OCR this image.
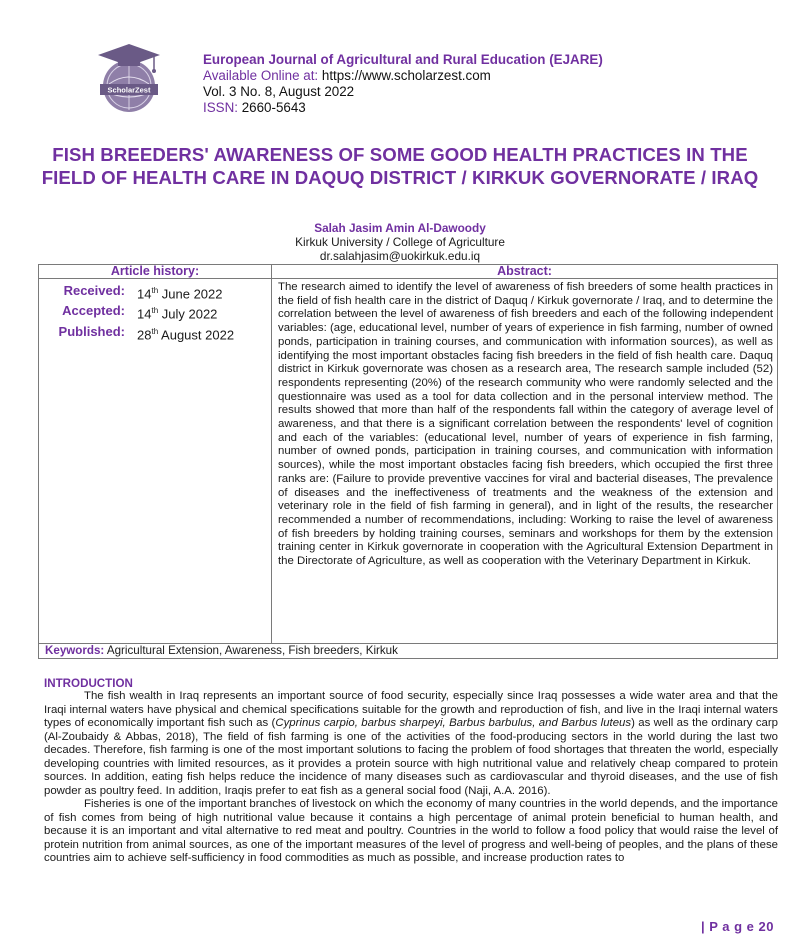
ScholarZest
European Journal of Agricultural and Rural Education (EJARE)
Available Online at: https://www.scholarzest.com
Vol. 3 No. 8, August 2022
ISSN: 2660-5643
FISH BREEDERS' AWARENESS OF SOME GOOD HEALTH PRACTICES IN THE FIELD OF HEALTH CARE IN DAQUQ DISTRICT / KIRKUK GOVERNORATE / IRAQ
Salah Jasim Amin Al-Dawoody
Kirkuk University / College of Agriculture
dr.salahjasim@uokirkuk.edu.iq
Article history:	Abstract:

Received:	14th June 2022
Accepted:	14th July 2022
Published:	28th August 2022
	The research aimed to identify the level of awareness of fish breeders of some health practices in the field of fish health care in the district of Daquq / Kirkuk governorate / Iraq, and to determine the correlation between the level of awareness of fish breeders and each of the following independent variables: (age, educational level, number of years of experience in fish farming, number of owned ponds, participation in training courses, and communication with information sources), as well as identifying the most important obstacles facing fish breeders in the field of fish health care. Daquq district in Kirkuk governorate was chosen as a research area, The research sample included (52) respondents representing (20%) of the research community who were randomly selected and the questionnaire was used as a tool for data collection and in the personal interview method. The results showed that more than half of the respondents fall within the category of average level of awareness, and that there is a significant correlation between the respondents' level of cognition and each of the variables: (educational level, number of years of experience in fish farming, number of owned ponds, participation in training courses, and communication with information sources), while the most important obstacles facing fish breeders, which occupied the first three ranks are: (Failure to provide preventive vaccines for viral and bacterial diseases, The prevalence of diseases and the ineffectiveness of treatments and the weakness of the extension and veterinary role in the field of fish farming in general), and in light of the results, the researcher recommended a number of recommendations, including: Working to raise the level of awareness of fish breeders by holding training courses, seminars and workshops for them by the extension training center in Kirkuk governorate in cooperation with the Agricultural Extension Department in the Directorate of Agriculture, as well as cooperation with the Veterinary Department in Kirkuk.
Keywords: Agricultural Extension, Awareness, Fish breeders, Kirkuk
INTRODUCTION

The fish wealth in Iraq represents an important source of food security, especially since Iraq possesses a wide water area and that the Iraqi internal waters have physical and chemical specifications suitable for the growth and reproduction of fish, and live in the Iraqi internal waters types of economically important fish such as (Cyprinus carpio, barbus sharpeyi, Barbus barbulus, and Barbus luteus) as well as the ordinary carp (Al-Zoubaidy & Abbas, 2018), The field of fish farming is one of the activities of the food-producing sectors in the world during the last two decades. Therefore, fish farming is one of the most important solutions to facing the problem of food shortages that threaten the world, especially developing countries with limited resources, as it provides a protein source with high nutritional value and relatively cheap compared to protein sources. In addition, eating fish helps reduce the incidence of many diseases such as cardiovascular and thyroid diseases, and the use of fish powder as poultry feed. In addition, Iraqis prefer to eat fish as a general social food (Naji, A.A. 2016).

Fisheries is one of the important branches of livestock on which the economy of many countries in the world depends, and the importance of fish comes from being of high nutritional value because it contains a high percentage of animal protein beneficial to human health, and because it is an important and vital alternative to red meat and poultry. Countries in the world to follow a food policy that would raise the level of protein nutrition from animal sources, as one of the important measures of the level of progress and well-being of peoples, and the plans of these countries aim to achieve self-sufficiency in food commodities as much as possible, and increase production rates to

| P a g e 20
